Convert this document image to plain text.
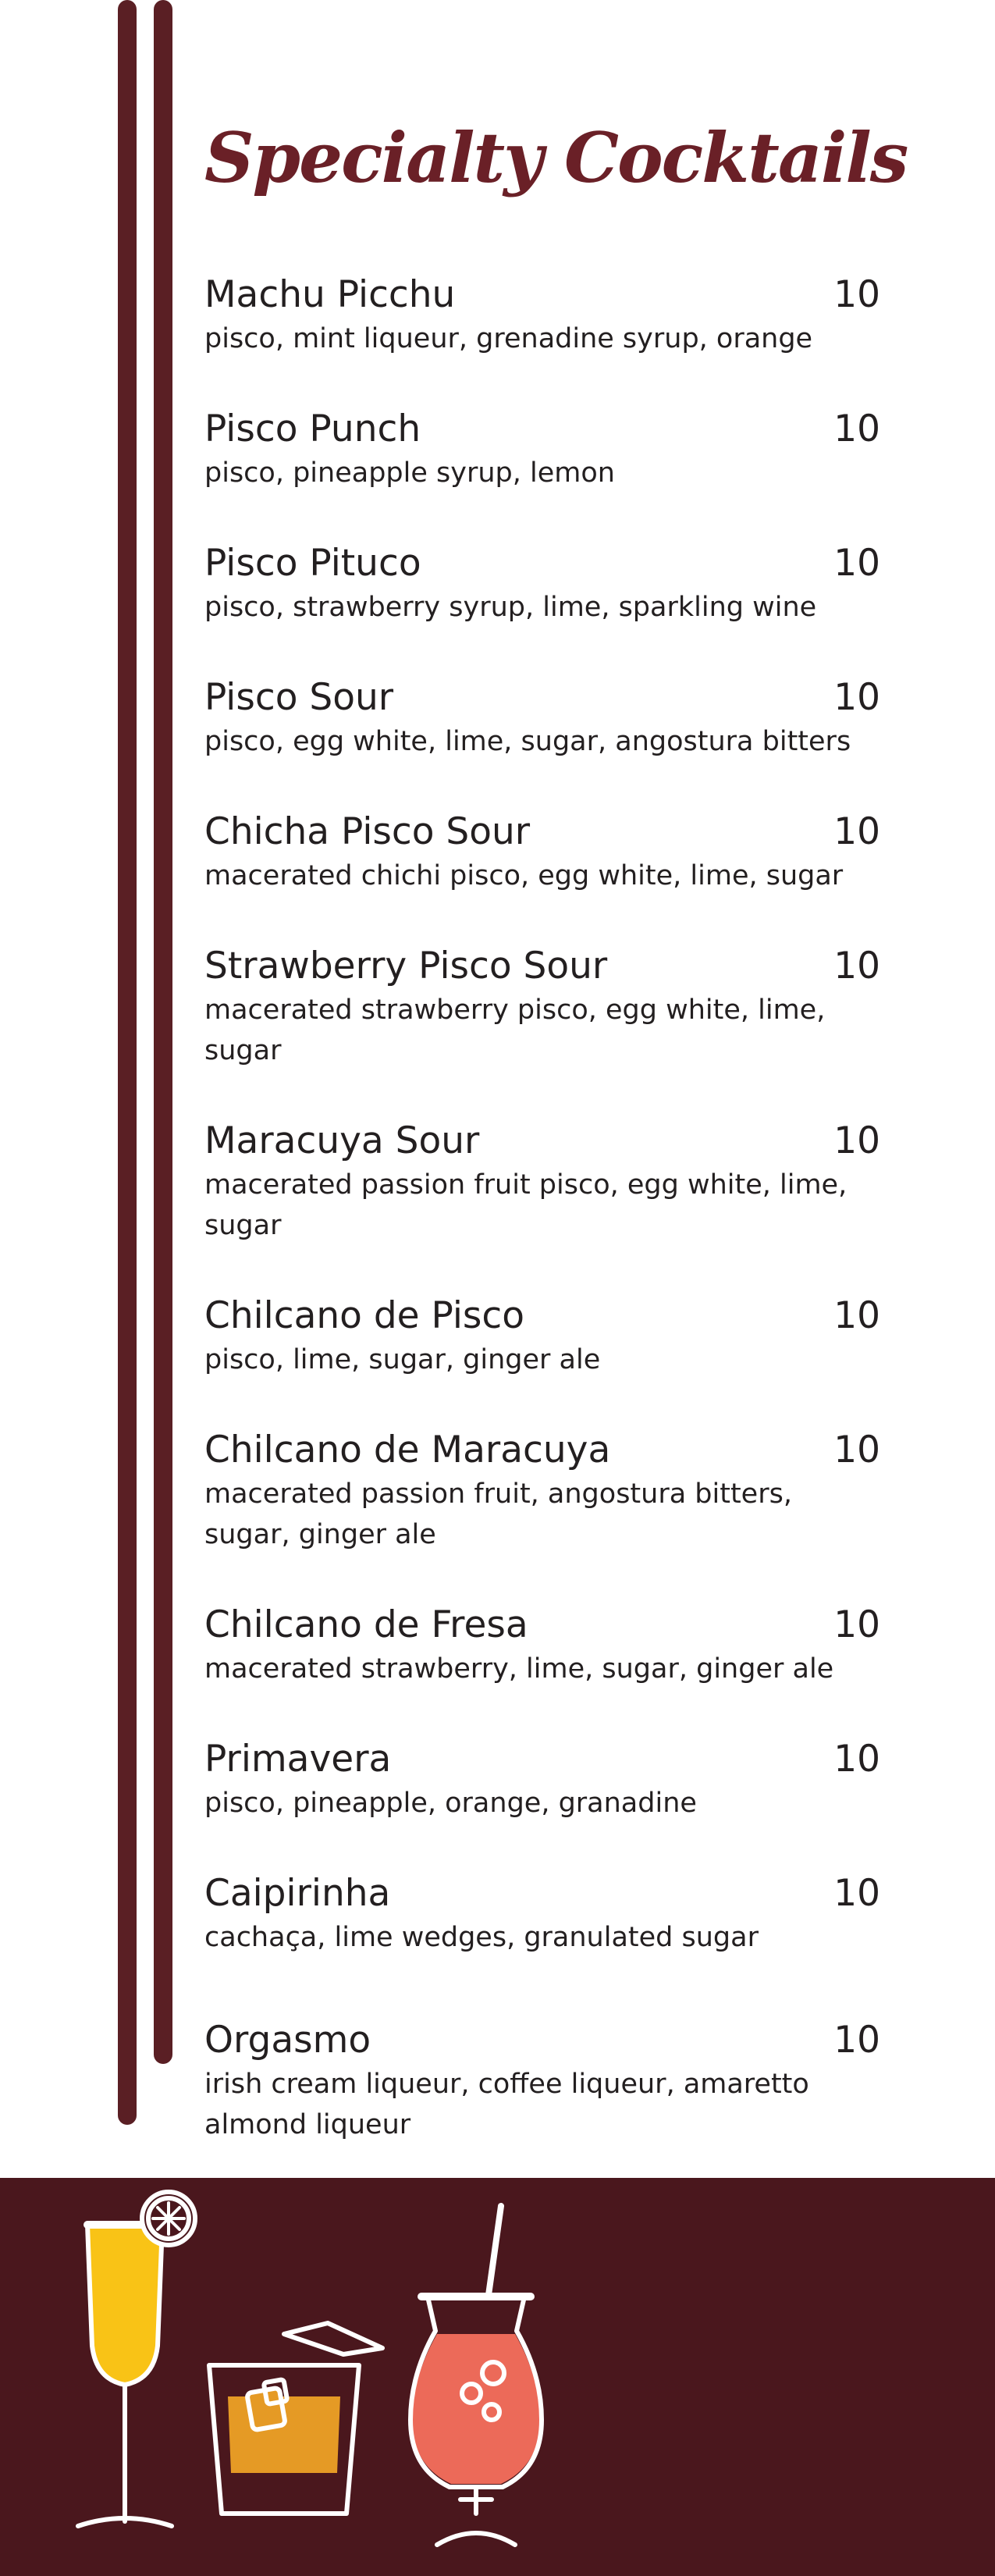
Specialty Cocktails
Machu Picchu	10
pisco, mint liqueur, grenadine syrup, orange
Pisco Punch	10
pisco, pineapple syrup, lemon
Pisco Pituco	10
pisco, strawberry syrup, lime, sparkling wine
Pisco Sour	10
pisco, egg white, lime, sugar, angostura bitters
Chicha Pisco Sour	10
macerated chichi pisco, egg white, lime, sugar
Strawberry Pisco Sour	10
macerated strawberry pisco, egg white, lime,
sugar
Maracuya Sour	10
macerated passion fruit pisco, egg white, lime,
sugar
Chilcano de Pisco	10
pisco, lime, sugar, ginger ale
Chilcano de Maracuya	10
macerated passion fruit, angostura bitters,
sugar, ginger ale
Chilcano de Fresa	10
macerated strawberry, lime, sugar, ginger ale
Primavera	10
pisco, pineapple, orange, granadine
Caipirinha	10
cachaça, lime wedges, granulated sugar
Orgasmo	10
irish cream liqueur, coffee liqueur, amaretto
almond liqueur
